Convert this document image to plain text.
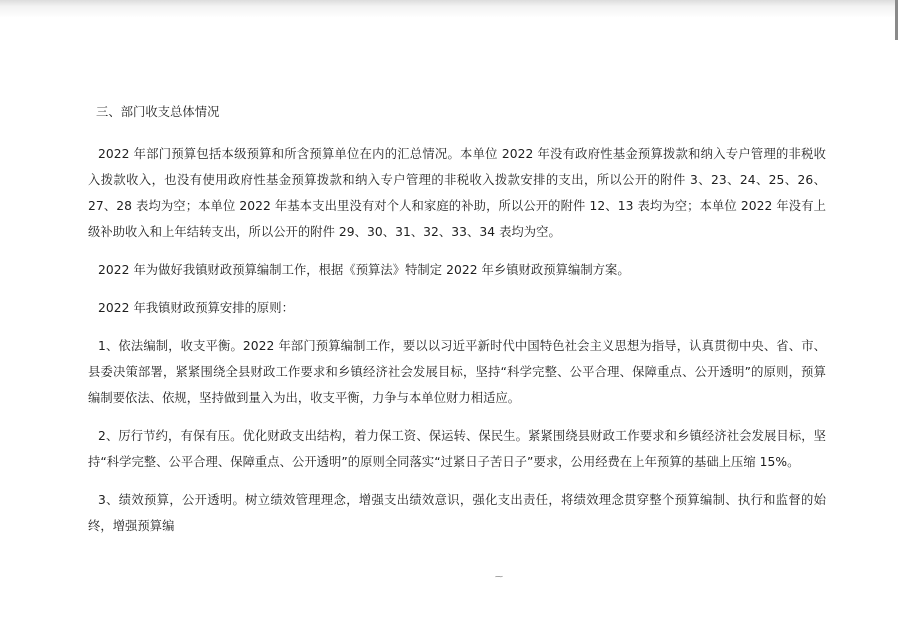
三、部门收支总体情况

2022 年部门预算包括本级预算和所含预算单位在内的汇总情况。本单位 2022 年没有政府性基金预算拨款和纳入专户管理的非税收入拨款收入，也没有使用政府性基金预算拨款和纳入专户管理的非税收入拨款安排的支出，所以公开的附件 3、23、24、25、26、27、28 表均为空；本单位 2022 年基本支出里没有对个人和家庭的补助，所以公开的附件 12、13 表均为空；本单位 2022 年没有上级补助收入和上年结转支出，所以公开的附件 29、30、31、32、33、34 表均为空。

2022 年为做好我镇财政预算编制工作，根据《预算法》特制定 2022 年乡镇财政预算编制方案。

2022 年我镇财政预算安排的原则：

1、依法编制，收支平衡。2022 年部门预算编制工作，要以以习近平新时代中国特色社会主义思想为指导，认真贯彻中央、省、市、县委决策部署，紧紧围绕全县财政工作要求和乡镇经济社会发展目标，坚持“科学完整、公平合理、保障重点、公开透明”的原则，预算编制要依法、依规，坚持做到量入为出，收支平衡，力争与本单位财力相适应。

2、厉行节约，有保有压。优化财政支出结构，着力保工资、保运转、保民生。紧紧围绕县财政工作要求和乡镇经济社会发展目标，坚持“科学完整、公平合理、保障重点、公开透明”的原则全同落实“过紧日子苦日子”要求，公用经费在上年预算的基础上压缩 15%。

3、绩效预算，公开透明。树立绩效管理理念，增强支出绩效意识，强化支出责任，将绩效理念贯穿整个预算编制、执行和监督的始终，增强预算编

⁓
